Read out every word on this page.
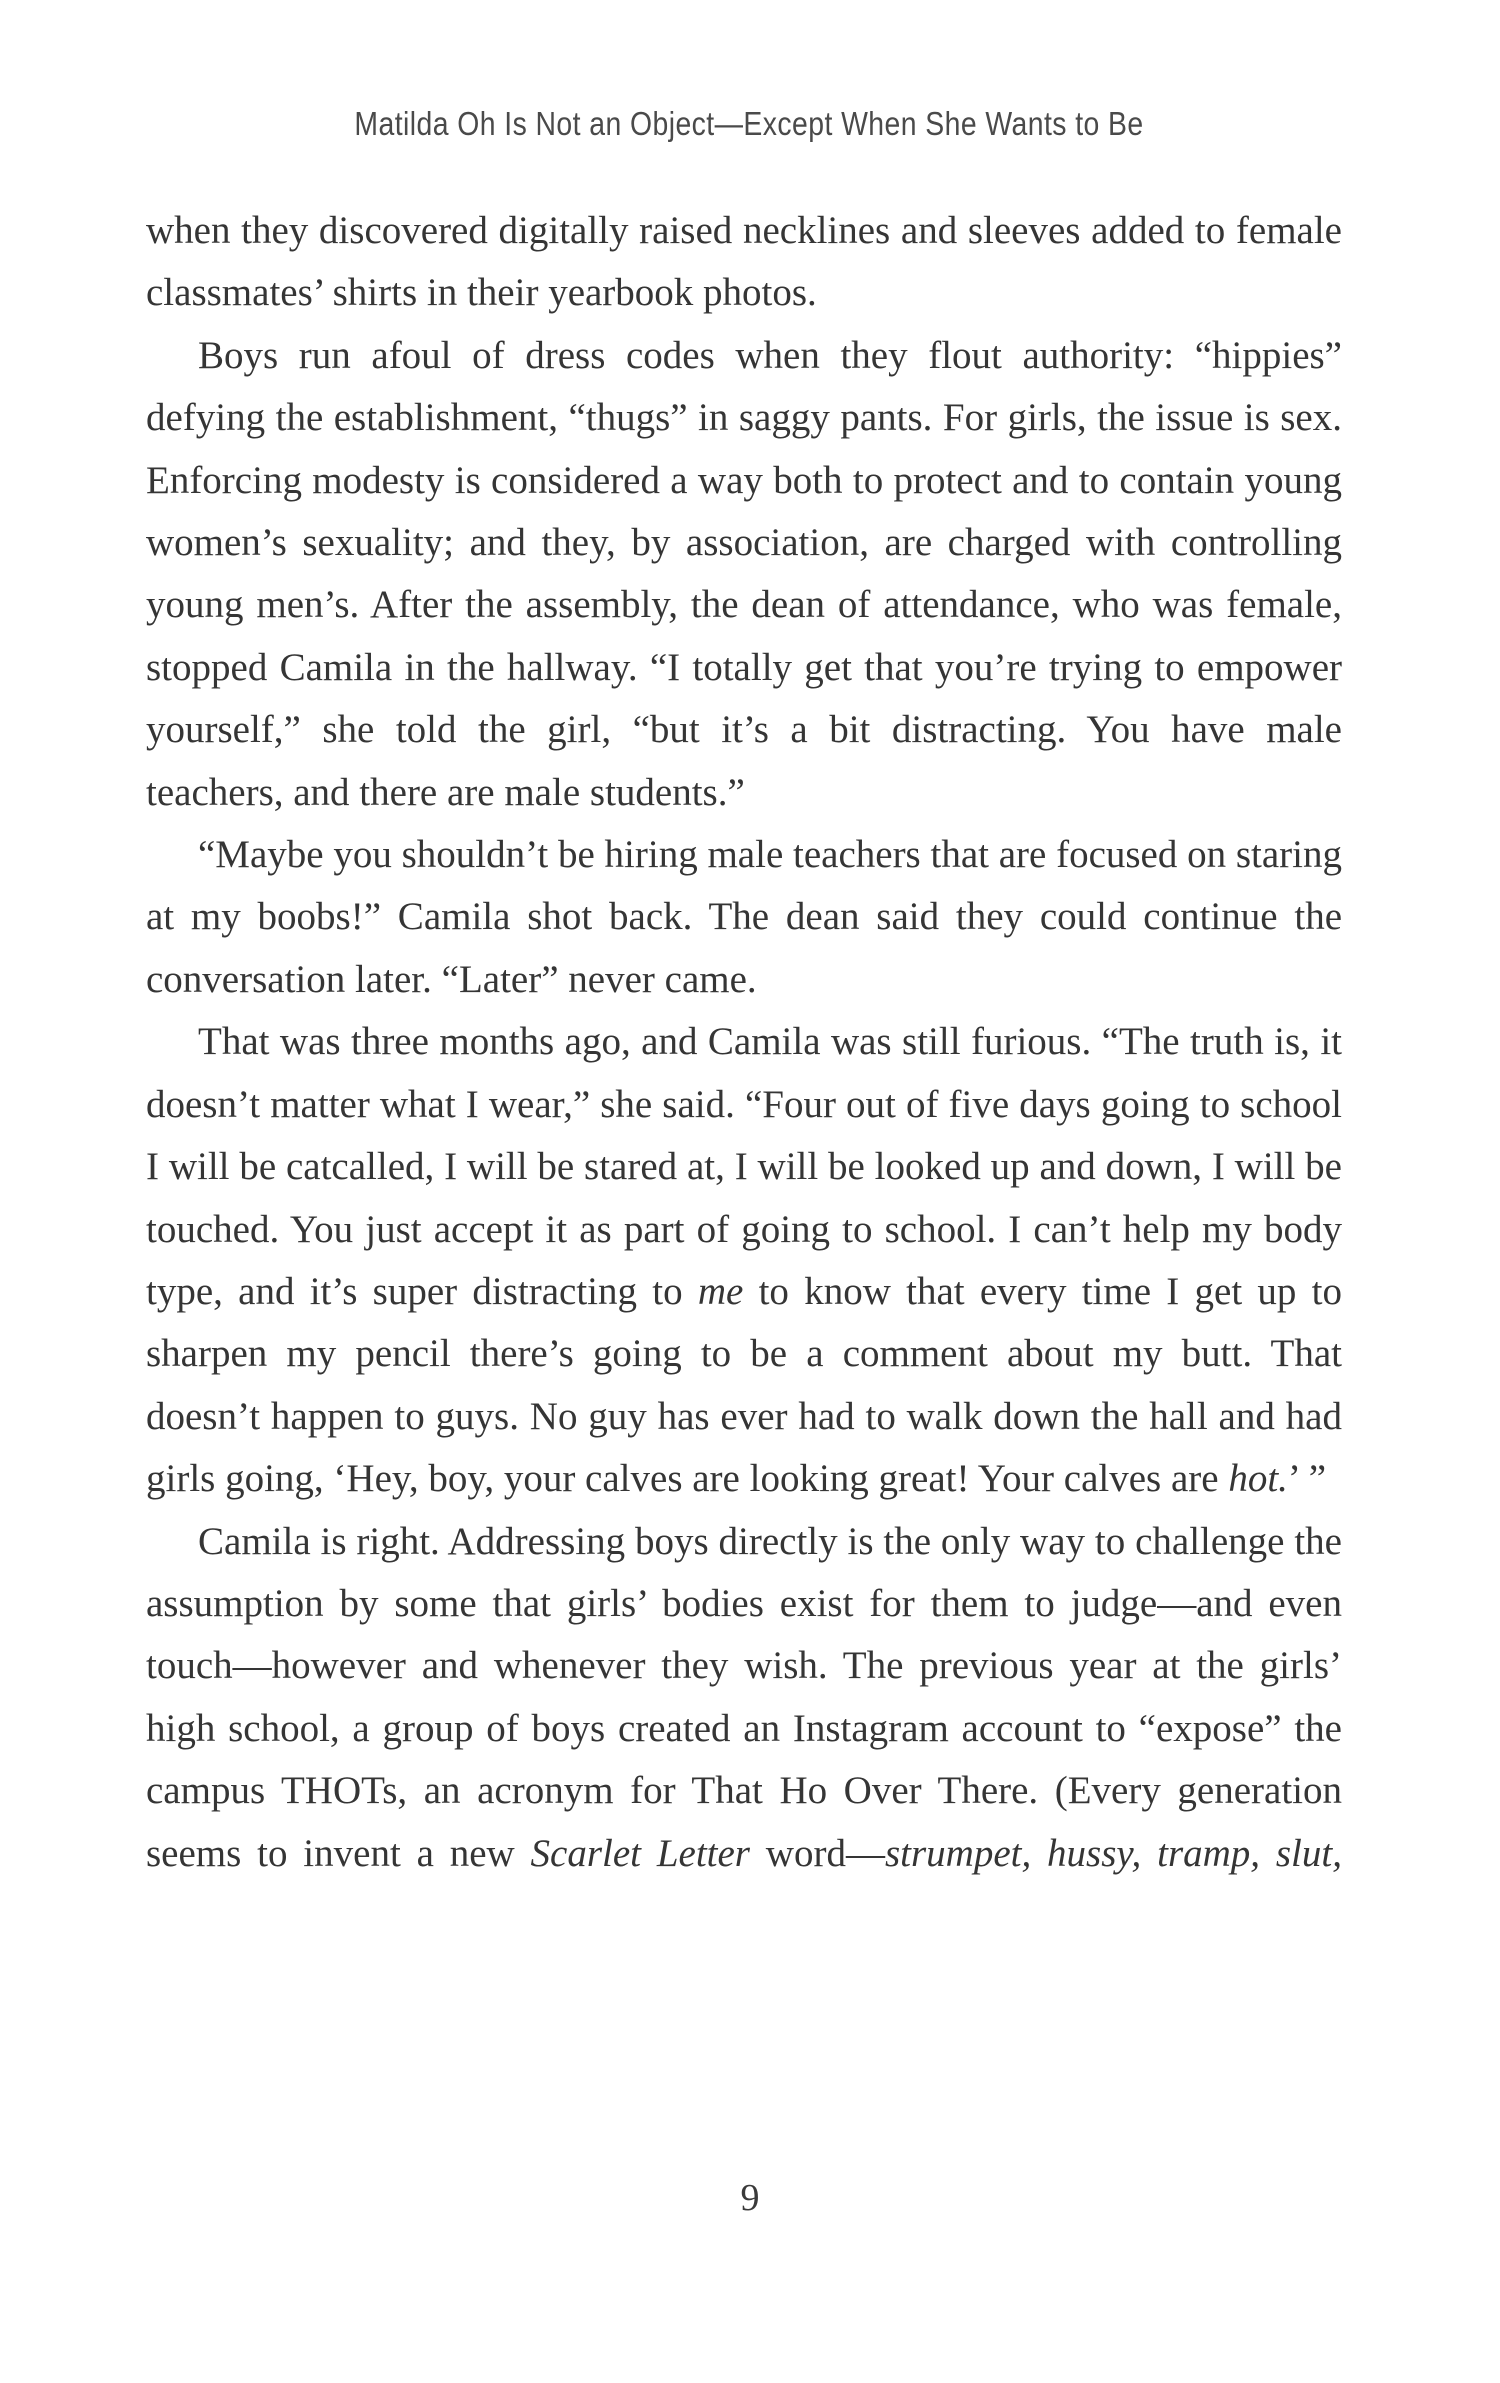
Matilda Oh Is Not an Object—Except When She Wants to Be

when they discovered digitally raised necklines and sleeves added to female classmates’ shirts in their yearbook photos.

Boys run afoul of dress codes when they flout authority: “hippies” defying the establishment, “thugs” in saggy pants. For girls, the issue is sex. Enforcing modesty is considered a way both to protect and to contain young women’s sexuality; and they, by association, are charged with controlling young men’s. After the assembly, the dean of attendance, who was female, stopped Camila in the hallway. “I totally get that you’re trying to empower yourself,” she told the girl, “but it’s a bit distracting. You have male teachers, and there are male students.”

“Maybe you shouldn’t be hiring male teachers that are focused on staring at my boobs!” Camila shot back. The dean said they could continue the conversation later. “Later” never came.

That was three months ago, and Camila was still furious. “The truth is, it doesn’t matter what I wear,” she said. “Four out of five days going to school I will be catcalled, I will be stared at, I will be looked up and down, I will be touched. You just accept it as part of going to school. I can’t help my body type, and it’s super distracting to me to know that every time I get up to sharpen my pencil there’s going to be a comment about my butt. That doesn’t happen to guys. No guy has ever had to walk down the hall and had girls going, ‘Hey, boy, your calves are looking great! Your calves are hot.’ ”

Camila is right. Addressing boys directly is the only way to challenge the assumption by some that girls’ bodies exist for them to judge—and even touch—however and whenever they wish. The previous year at the girls’ high school, a group of boys created an Instagram account to “expose” the campus THOTs, an acronym for That Ho Over There. (Every generation seems to invent a new Scarlet Letter word—strumpet, hussy, tramp, slut,

9
